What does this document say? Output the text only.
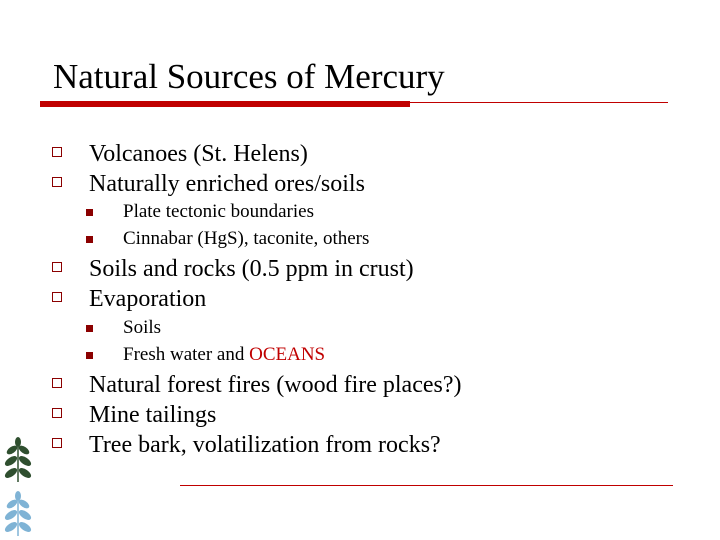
Natural Sources of Mercury
Volcanoes (St. Helens)
Naturally enriched ores/soils
Plate tectonic boundaries
Cinnabar (HgS), taconite, others
Soils and rocks (0.5 ppm in crust)
Evaporation
Soils
Fresh water and OCEANS
Natural forest fires (wood fire places?)
Mine tailings
Tree bark, volatilization from rocks?
